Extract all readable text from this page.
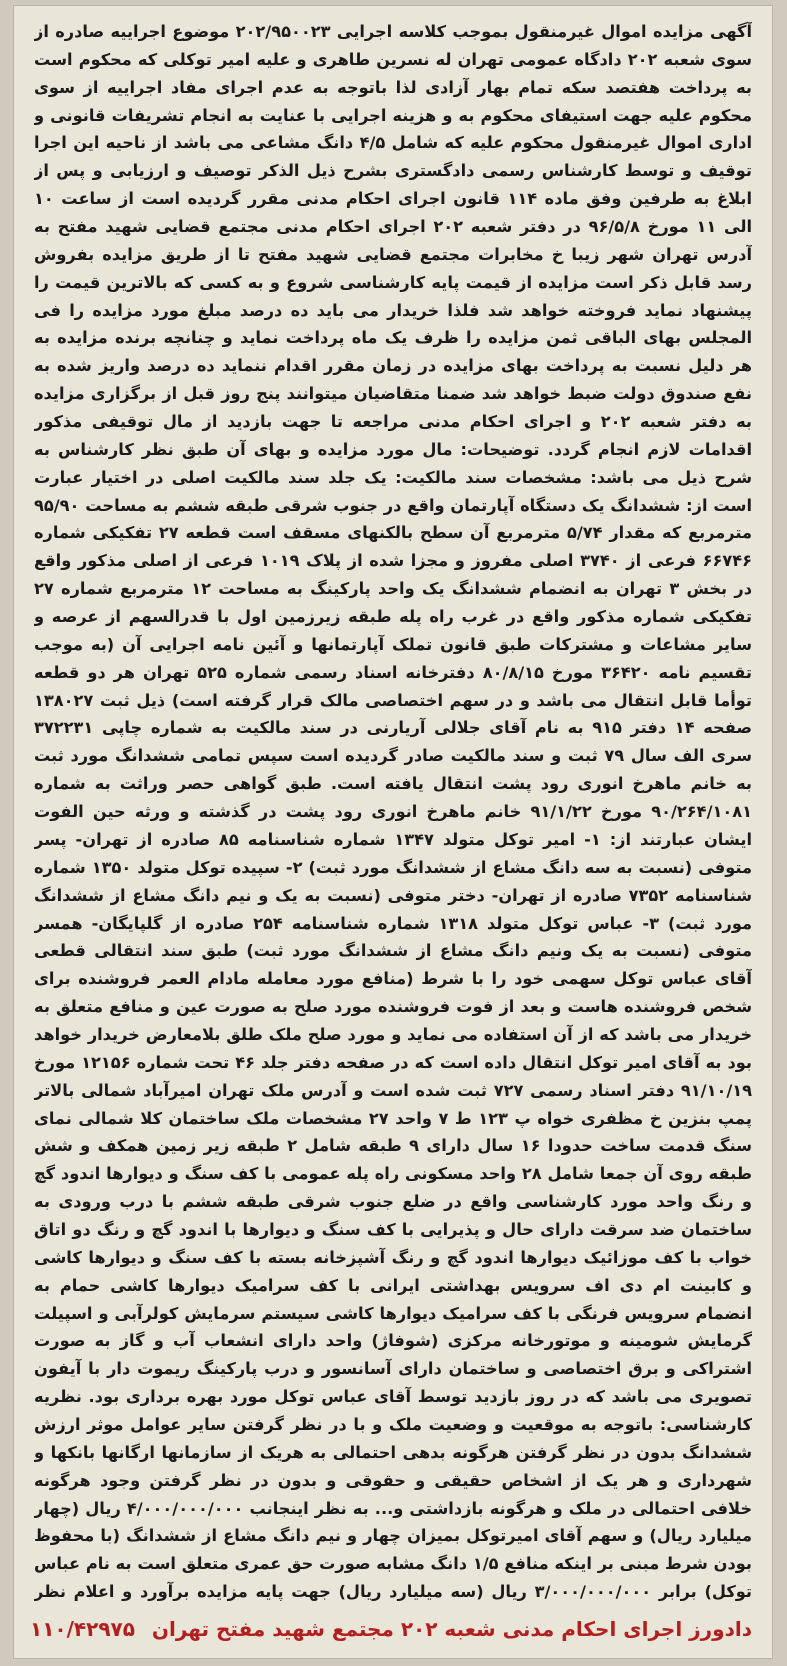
آگهی مزایده اموال غیرمنقول بموجب کلاسه اجرایی ۲۰۲/۹۵۰۰۲۳ موضوع اجراییه صادره از سوی شعبه ۲۰۲ دادگاه عمومی تهران له نسرین طاهری و علیه امیر توکلی که محکوم است به پرداخت هفتصد سکه تمام بهار آزادی لذا باتوجه به عدم اجرای مفاد اجراییه از سوی محکوم علیه جهت استیفای محکوم به و هزینه اجرایی با عنایت به انجام تشریفات قانونی و اداری اموال غیرمنقول محکوم علیه که شامل ۴/۵ دانگ مشاعی می باشد از ناحیه این اجرا توقیف و توسط کارشناس رسمی دادگستری بشرح ذیل الذکر توصیف و ارزیابی و پس از ابلاغ به طرفین وفق ماده ۱۱۴ قانون اجرای احکام مدنی مقرر گردیده است از ساعت ۱۰ الی ۱۱ مورخ ۹۶/۵/۸ در دفتر شعبه ۲۰۲ اجرای احکام مدنی مجتمع قضایی شهید مفتح به آدرس تهران شهر زیبا خ مخابرات مجتمع قضایی شهید مفتح تا از طریق مزایده بفروش رسد قابل ذکر است مزایده از قیمت پایه کارشناسی شروع و به کسی که بالاترین قیمت را پیشنهاد نماید فروخته خواهد شد فلذا خریدار می باید ده درصد مبلغ مورد مزایده را فی المجلس بهای الباقی ثمن مزایده را ظرف یک ماه پرداخت نماید و چنانچه برنده مزایده به هر دلیل نسبت به پرداخت بهای مزایده در زمان مقرر اقدام ننماید ده درصد واریز شده به نفع صندوق دولت ضبط خواهد شد ضمنا متقاضیان میتوانند پنج روز قبل از برگزاری مزایده به دفتر شعبه ۲۰۲ و اجرای احکام مدنی مراجعه تا جهت بازدید از مال توقیفی مذکور اقدامات لازم انجام گردد. توضیحات: مال مورد مزایده و بهای آن طبق نظر کارشناس به شرح ذیل می باشد: مشخصات سند مالکیت: یک جلد سند مالکیت اصلی در اختیار عبارت است از: ششدانگ یک دستگاه آپارتمان واقع در جنوب شرقی طبقه ششم به مساحت ۹۵/۹۰ مترمربع که مقدار ۵/۷۴ مترمربع آن سطح بالکنهای مسقف است قطعه ۲۷ تفکیکی شماره ۶۶۷۴۶ فرعی از ۳۷۴۰ اصلی مفروز و مجزا شده از پلاک ۱۰۱۹ فرعی از اصلی مذکور واقع در بخش ۳ تهران به انضمام ششدانگ یک واحد پارکینگ به مساحت ۱۲ مترمربع شماره ۲۷ تفکیکی شماره مذکور واقع در غرب راه پله طبقه زیرزمین اول با قدرالسهم از عرصه و سایر مشاعات و مشترکات طبق قانون تملک آپارتمانها و آئین نامه اجرایی آن (به موجب تقسیم نامه ۳۶۴۲۰ مورخ ۸۰/۸/۱۵ دفترخانه اسناد رسمی شماره ۵۲۵ تهران هر دو قطعه توأما قابل انتقال می باشد و در سهم اختصاصی مالک قرار گرفته است) ذیل ثبت ۱۳۸۰۲۷ صفحه ۱۴ دفتر ۹۱۵ به نام آقای جلالی آریارنی در سند مالکیت به شماره چاپی ۳۷۲۲۳۱ سری الف سال ۷۹ ثبت و سند مالکیت صادر گردیده است سپس تمامی ششدانگ مورد ثبت به خانم ماهرخ انوری رود پشت انتقال یافته است. طبق گواهی حصر وراثت به شماره ۹۰/۲۶۴/۱۰۸۱ مورخ ۹۱/۱/۲۲ خانم ماهرخ انوری رود پشت در گذشته و ورثه حین الفوت ایشان عبارتند از: ۱- امیر توکل متولد ۱۳۴۷ شماره شناسنامه ۸۵ صادره از تهران- پسر متوفی (نسبت به سه دانگ مشاع از ششدانگ مورد ثبت) ۲- سپیده توکل متولد ۱۳۵۰ شماره شناسنامه ۷۳۵۲ صادره از تهران- دختر متوفی (نسبت به یک و نیم دانگ مشاع از ششدانگ مورد ثبت) ۳- عباس توکل متولد ۱۳۱۸ شماره شناسنامه ۲۵۴ صادره از گلپایگان- همسر متوفی (نسبت به یک ونیم دانگ مشاع از ششدانگ مورد ثبت) طبق سند انتقالی قطعی آقای عباس توکل سهمی خود را با شرط (منافع مورد معامله مادام العمر فروشنده برای شخص فروشنده هاست و بعد از فوت فروشنده مورد صلح به صورت عین و منافع متعلق به خریدار می باشد که از آن استفاده می نماید و مورد صلح ملک طلق بلامعارض خریدار خواهد بود به آقای امیر توکل انتقال داده است که در صفحه دفتر جلد ۴۶ تحت شماره ۱۲۱۵۶ مورخ ۹۱/۱۰/۱۹ دفتر اسناد رسمی ۷۲۷ ثبت شده است و آدرس ملک تهران امیرآباد شمالی بالاتر پمپ بنزین خ مظفری خواه پ ۱۲۳ ط ۷ واحد ۲۷ مشخصات ملک ساختمان کلا شمالی نمای سنگ قدمت ساخت حدودا ۱۶ سال دارای ۹ طبقه شامل ۲ طبقه زیر زمین همکف و شش طبقه روی آن جمعا شامل ۲۸ واحد مسکونی راه پله عمومی با کف سنگ و دیوارها اندود گچ و رنگ واحد مورد کارشناسی واقع در ضلع جنوب شرقی طبقه ششم با درب ورودی به ساختمان ضد سرقت دارای حال و پذیرایی با کف سنگ و دیوارها با اندود گچ و رنگ دو اتاق خواب با کف موزائیک دیوارها اندود گچ و رنگ آشپزخانه بسته با کف سنگ و دیوارها کاشی و کابینت ام دی اف سرویس بهداشتی ایرانی با کف سرامیک دیوارها کاشی حمام به انضمام سرویس فرنگی با کف سرامیک دیوارها کاشی سیستم سرمایش کولرآبی و اسپیلت گرمایش شومینه و موتورخانه مرکزی (شوفاژ) واحد دارای انشعاب آب و گاز به صورت اشتراکی و برق اختصاصی و ساختمان دارای آسانسور و درب پارکینگ ریموت دار با آیفون تصویری می باشد که در روز بازدید توسط آقای عباس توکل مورد بهره برداری بود. نظریه کارشناسی: باتوجه به موقعیت و وضعیت ملک و با در نظر گرفتن سایر عوامل موثر ارزش ششدانگ بدون در نظر گرفتن هرگونه بدهی احتمالی به هریک از سازمانها ارگانها بانکها و شهرداری و هر یک از اشخاص حقیقی و حقوقی و بدون در نظر گرفتن وجود هرگونه خلافی احتمالی در ملک و هرگونه بازداشتی و... به نظر اینجانب ۴/۰۰۰/۰۰۰/۰۰۰ ریال (چهار میلیارد ریال) و سهم آقای امیرتوکل بمیزان چهار و نیم دانگ مشاع از ششدانگ (با محفوظ بودن شرط مبنی بر اینکه منافع ۱/۵ دانگ مشابه صورت حق عمری متعلق است به نام عباس توکل) برابر ۳/۰۰۰/۰۰۰/۰۰۰ ریال (سه میلیارد ریال) جهت پایه مزایده برآورد و اعلام نظر

دادورز اجرای احکام مدنی شعبه ۲۰۲ مجتمع شهید مفتح تهران
۱۱۰/۴۲۹۷۵
